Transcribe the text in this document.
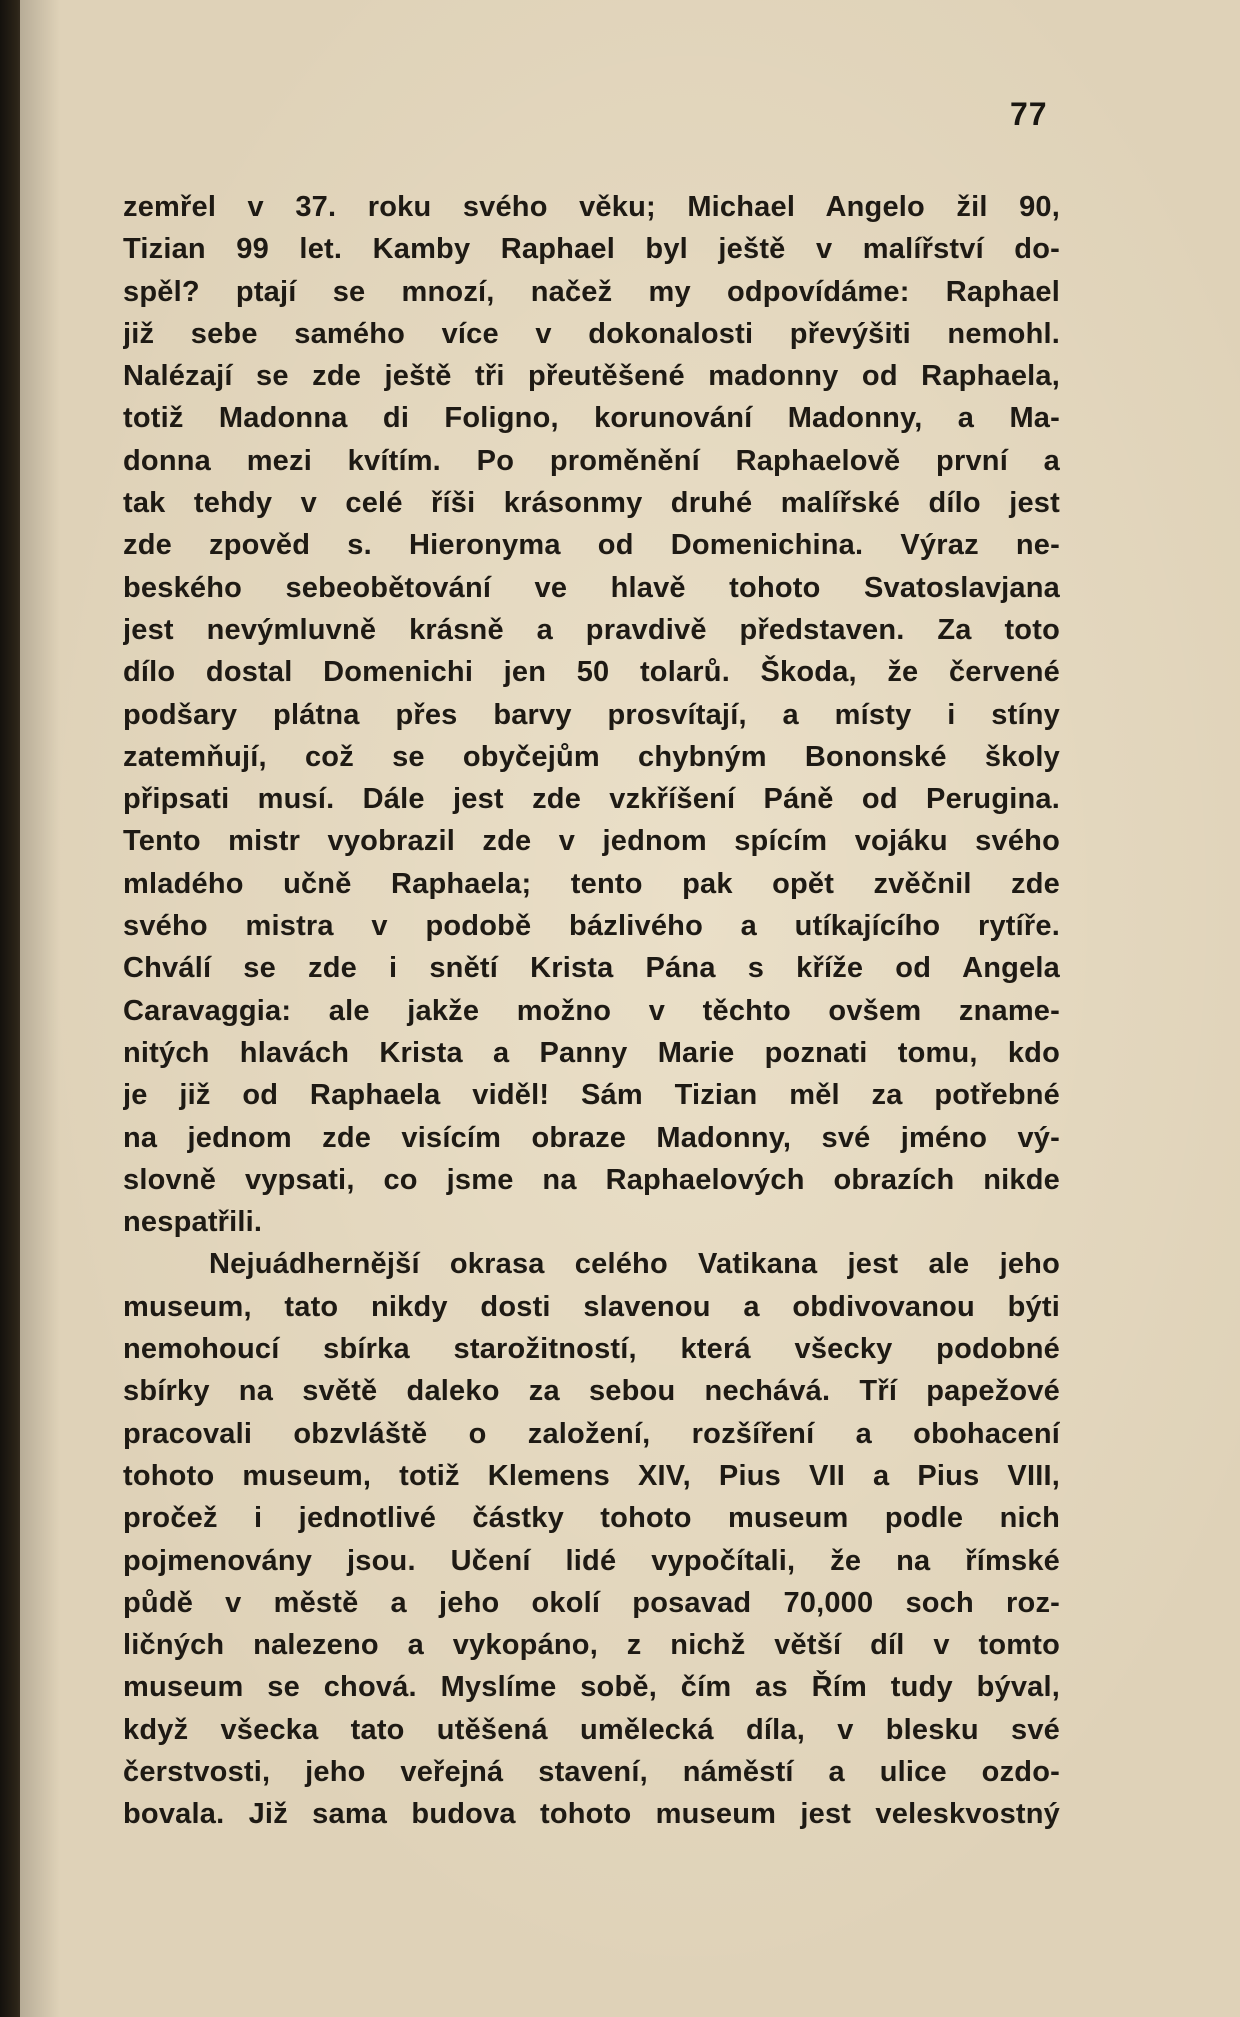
77
zemřel v 37. roku svého věku; Michael Angelo žil 90,
Tizian 99 let. Kamby Raphael byl ještě v malířství do-
spěl? ptají se mnozí, načež my odpovídáme: Raphael
již sebe samého více v dokonalosti převýšiti nemohl.
Nalézají se zde ještě tři přeutěšené madonny od Raphaela,
totiž Madonna di Foligno, korunování Madonny, a Ma-
donna mezi kvítím. Po proměnění Raphaelově první a
tak tehdy v celé říši krásonmy druhé malířské dílo jest
zde zpověd s. Hieronyma od Domenichina. Výraz ne-
beského sebeobětování ve hlavě tohoto Svatoslavjana
jest nevýmluvně krásně a pravdivě představen. Za toto
dílo dostal Domenichi jen 50 tolarů. Škoda, že červené
podšary plátna přes barvy prosvítají, a místy i stíny
zatemňují, což se obyčejům chybným Bononské školy
připsati musí. Dále jest zde vzkříšení Páně od Perugina.
Tento mistr vyobrazil zde v jednom spícím vojáku svého
mladého učně Raphaela; tento pak opět zvěčnil zde
svého mistra v podobě bázlivého a utíkajícího rytíře.
Chválí se zde i snětí Krista Pána s kříže od Angela
Caravaggia: ale jakže možno v těchto ovšem zname-
nitých hlavách Krista a Panny Marie poznati tomu, kdo
je již od Raphaela viděl! Sám Tizian měl za potřebné
na jednom zde visícím obraze Madonny, své jméno vý-
slovně vypsati, co jsme na Raphaelových obrazích nikde
nespatřili.
Nejuádhernější okrasa celého Vatikana jest ale jeho
museum, tato nikdy dosti slavenou a obdivovanou býti
nemohoucí sbírka starožitností, která všecky podobné
sbírky na světě daleko za sebou nechává. Tří papežové
pracovali obzvláště o založení, rozšíření a obohacení
tohoto museum, totiž Klemens XIV, Pius VII a Pius VIII,
pročež i jednotlivé částky tohoto museum podle nich
pojmenovány jsou. Učení lidé vypočítali, že na římské
půdě v městě a jeho okolí posavad 70,000 soch roz-
ličných nalezeno a vykopáno, z nichž větší díl v tomto
museum se chová. Myslíme sobě, čím as Řím tudy býval,
když všecka tato utěšená umělecká díla, v blesku své
čerstvosti, jeho veřejná stavení, náměstí a ulice ozdo-
bovala. Již sama budova tohoto museum jest veleskvostný
